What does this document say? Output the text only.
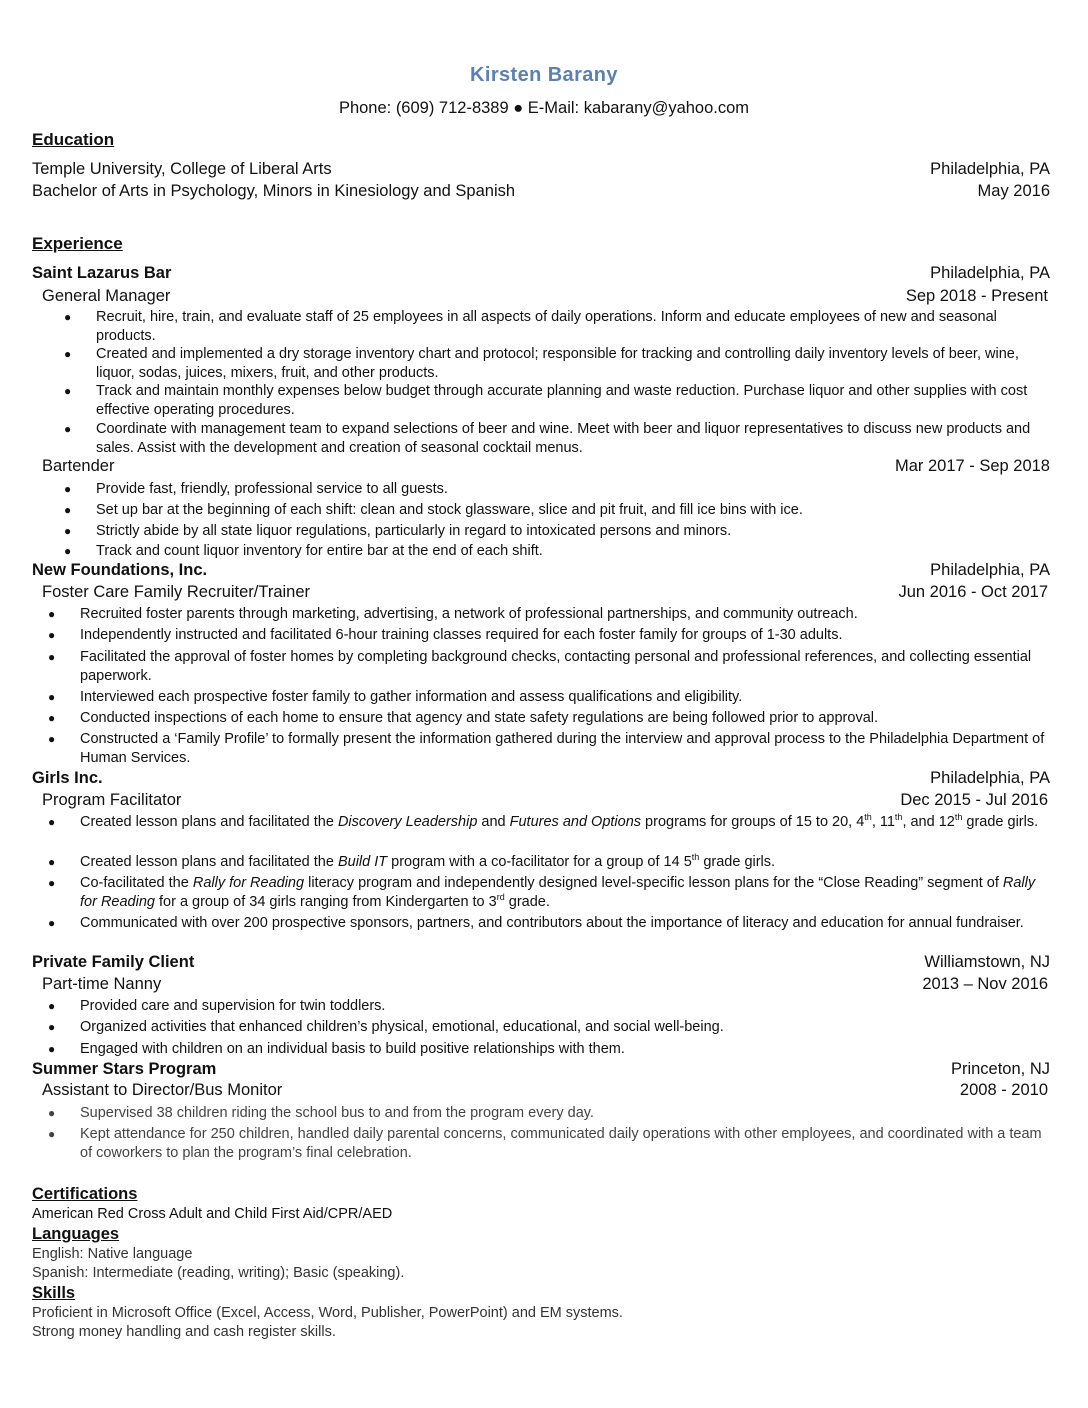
Kirsten Barany
Phone: (609) 712-8389 ● E-Mail: kabarany@yahoo.com
Education
Temple University, College of Liberal Arts	Philadelphia, PA
Bachelor of Arts in Psychology, Minors in Kinesiology and Spanish	May 2016
Experience
Saint Lazarus Bar	Philadelphia, PA
General Manager	Sep 2018 - Present
● Recruit, hire, train, and evaluate staff of 25 employees in all aspects of daily operations. Inform and educate employees of new and seasonal products.
● Created and implemented a dry storage inventory chart and protocol; responsible for tracking and controlling daily inventory levels of beer, wine, liquor, sodas, juices, mixers, fruit, and other products.
● Track and maintain monthly expenses below budget through accurate planning and waste reduction. Purchase liquor and other supplies with cost effective operating procedures.
● Coordinate with management team to expand selections of beer and wine. Meet with beer and liquor representatives to discuss new products and sales. Assist with the development and creation of seasonal cocktail menus.
Bartender	Mar 2017 - Sep 2018
● Provide fast, friendly, professional service to all guests.
● Set up bar at the beginning of each shift: clean and stock glassware, slice and pit fruit, and fill ice bins with ice.
● Strictly abide by all state liquor regulations, particularly in regard to intoxicated persons and minors.
● Track and count liquor inventory for entire bar at the end of each shift.
New Foundations, Inc.	Philadelphia, PA
Foster Care Family Recruiter/Trainer	Jun 2016 - Oct 2017
● Recruited foster parents through marketing, advertising, a network of professional partnerships, and community outreach.
● Independently instructed and facilitated 6-hour training classes required for each foster family for groups of 1-30 adults.
● Facilitated the approval of foster homes by completing background checks, contacting personal and professional references, and collecting essential paperwork.
● Interviewed each prospective foster family to gather information and assess qualifications and eligibility.
● Conducted inspections of each home to ensure that agency and state safety regulations are being followed prior to approval.
● Constructed a ‘Family Profile’ to formally present the information gathered during the interview and approval process to the Philadelphia Department of Human Services.
Girls Inc.	Philadelphia, PA
Program Facilitator	Dec 2015 - Jul 2016
● Created lesson plans and facilitated the Discovery Leadership and Futures and Options programs for groups of 15 to 20, 4th, 11th, and 12th grade girls.
● Created lesson plans and facilitated the Build IT program with a co-facilitator for a group of 14 5th grade girls.
● Co-facilitated the Rally for Reading literacy program and independently designed level-specific lesson plans for the “Close Reading” segment of Rally for Reading for a group of 34 girls ranging from Kindergarten to 3rd grade.
● Communicated with over 200 prospective sponsors, partners, and contributors about the importance of literacy and education for annual fundraiser.
Private Family Client	Williamstown, NJ
Part-time Nanny	2013 – Nov 2016
● Provided care and supervision for twin toddlers.
● Organized activities that enhanced children’s physical, emotional, educational, and social well-being.
● Engaged with children on an individual basis to build positive relationships with them.
Summer Stars Program	Princeton, NJ
Assistant to Director/Bus Monitor	2008 - 2010
● Supervised 38 children riding the school bus to and from the program every day.
● Kept attendance for 250 children, handled daily parental concerns, communicated daily operations with other employees, and coordinated with a team of coworkers to plan the program’s final celebration.
Certifications
American Red Cross Adult and Child First Aid/CPR/AED
Languages
English: Native language
Spanish: Intermediate (reading, writing); Basic (speaking).
Skills
Proficient in Microsoft Office (Excel, Access, Word, Publisher, PowerPoint) and EM systems.
Strong money handling and cash register skills.
